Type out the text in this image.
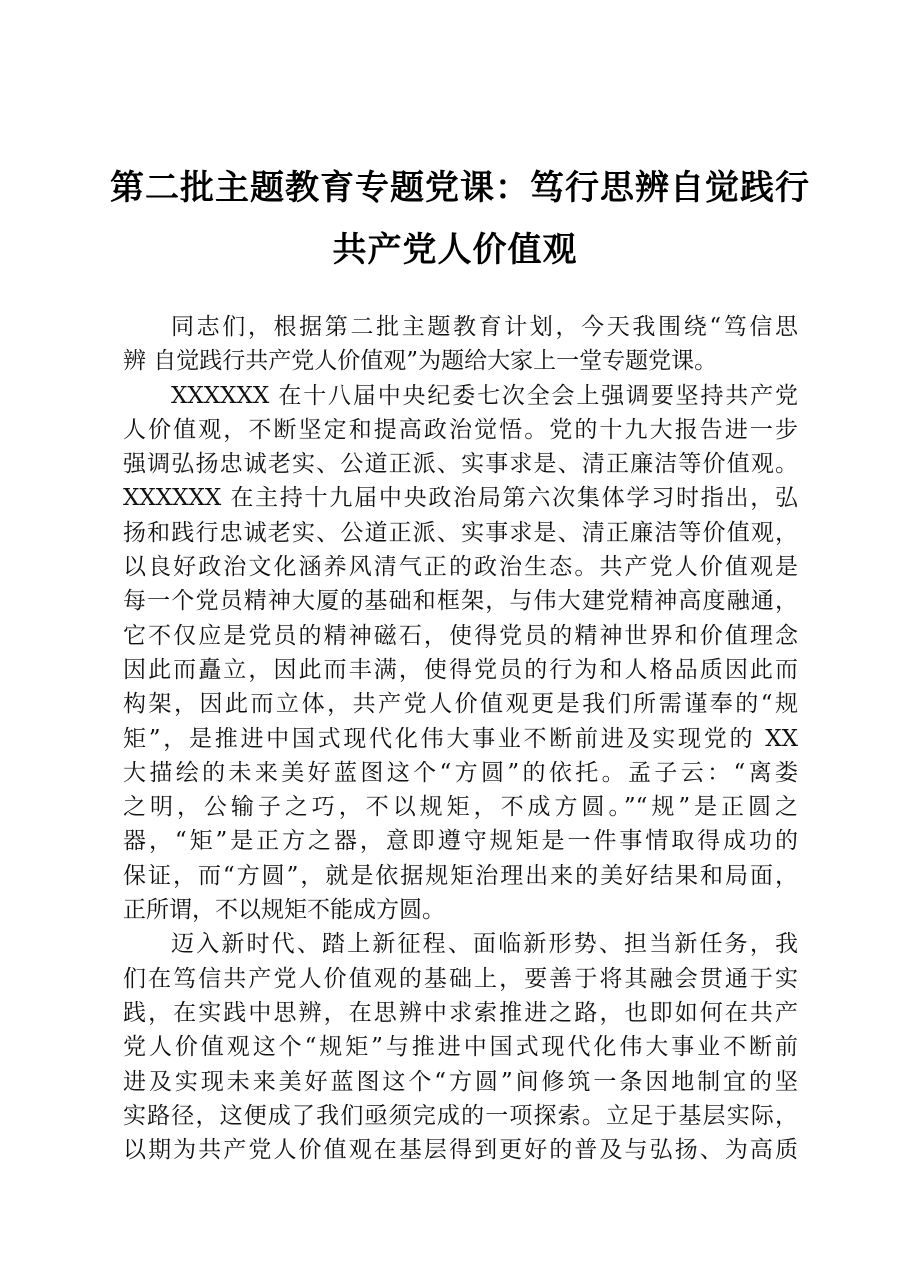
第二批主题教育专题党课：笃行思辨自觉践行
共产党人价值观
同志们，根据第二批主题教育计划，今天我围绕“笃信思
辨 自觉践行共产党人价值观”为题给大家上一堂专题党课。
XXXXXX 在十八届中央纪委七次全会上强调要坚持共产党
人价值观，不断坚定和提高政治觉悟。党的十九大报告进一步
强调弘扬忠诚老实、公道正派、实事求是、清正廉洁等价值观。
XXXXXX 在主持十九届中央政治局第六次集体学习时指出，弘
扬和践行忠诚老实、公道正派、实事求是、清正廉洁等价值观，
以良好政治文化涵养风清气正的政治生态。共产党人价值观是
每一个党员精神大厦的基础和框架，与伟大建党精神高度融通，
它不仅应是党员的精神磁石，使得党员的精神世界和价值理念
因此而矗立，因此而丰满，使得党员的行为和人格品质因此而
构架，因此而立体，共产党人价值观更是我们所需谨奉的“规
矩”，是推进中国式现代化伟大事业不断前进及实现党的 XX
大描绘的未来美好蓝图这个“方圆”的依托。孟子云：“离娄
之明，公输子之巧，不以规矩，不成方圆。”“规”是正圆之
器，“矩”是正方之器，意即遵守规矩是一件事情取得成功的
保证，而“方圆”，就是依据规矩治理出来的美好结果和局面，
正所谓，不以规矩不能成方圆。
迈入新时代、踏上新征程、面临新形势、担当新任务，我
们在笃信共产党人价值观的基础上，要善于将其融会贯通于实
践，在实践中思辨，在思辨中求索推进之路，也即如何在共产
党人价值观这个“规矩”与推进中国式现代化伟大事业不断前
进及实现未来美好蓝图这个“方圆”间修筑一条因地制宜的坚
实路径，这便成了我们亟须完成的一项探索。立足于基层实际，
以期为共产党人价值观在基层得到更好的普及与弘扬、为高质
